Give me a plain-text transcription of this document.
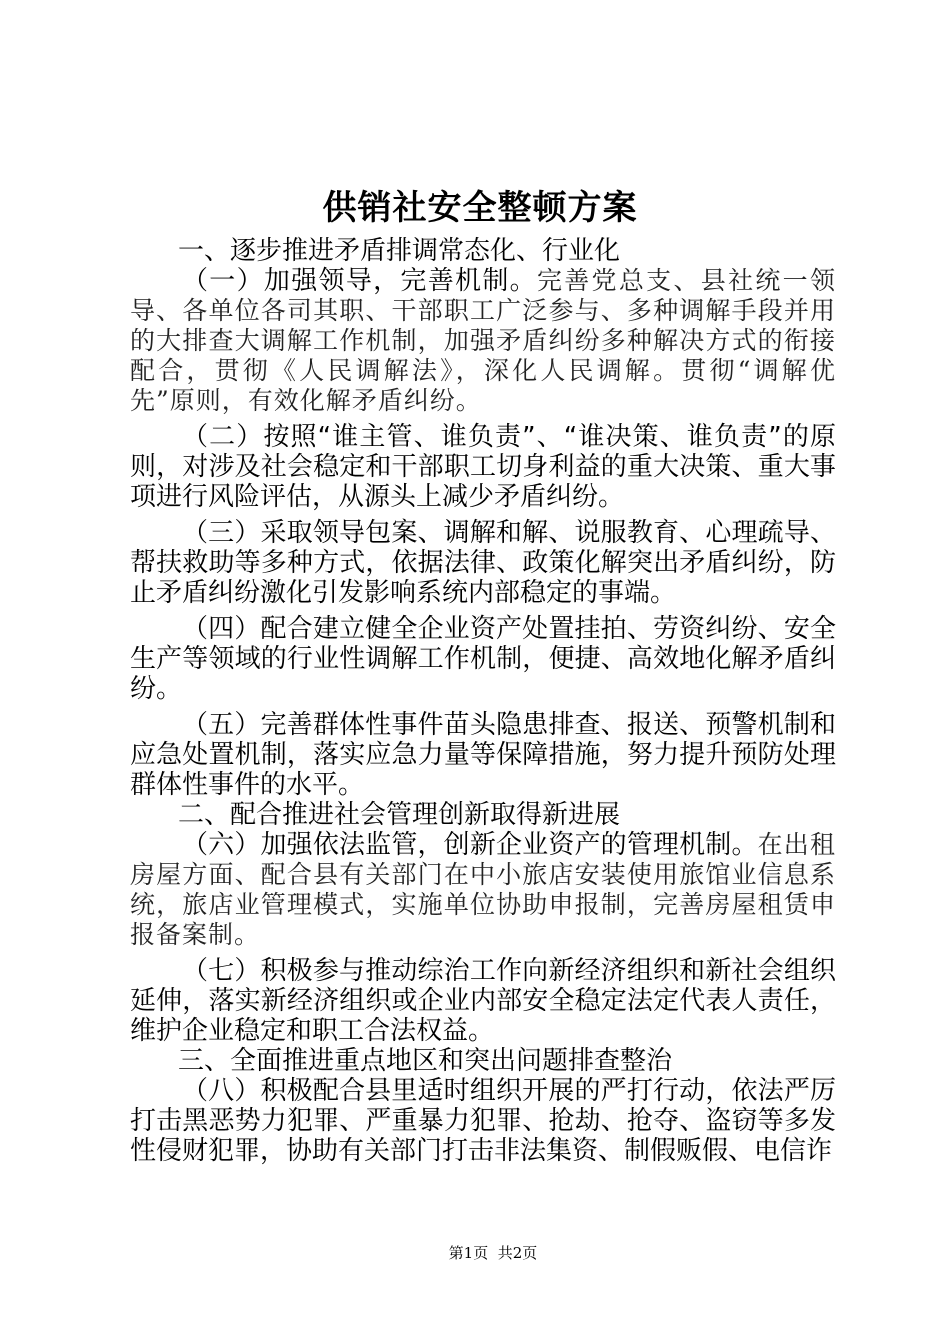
供销社安全整顿方案

一、逐步推进矛盾排调常态化、行业化

（一）加强领导，完善机制。完善党总支、县社统一领导、各单位各司其职、干部职工广泛参与、多种调解手段并用的大排查大调解工作机制，加强矛盾纠纷多种解决方式的衔接配合，贯彻《人民调解法》，深化人民调解。贯彻“调解优先”原则，有效化解矛盾纠纷。

（二）按照“谁主管、谁负责”、“谁决策、谁负责”的原则，对涉及社会稳定和干部职工切身利益的重大决策、重大事项进行风险评估，从源头上减少矛盾纠纷。

（三）采取领导包案、调解和解、说服教育、心理疏导、帮扶救助等多种方式，依据法律、政策化解突出矛盾纠纷，防止矛盾纠纷激化引发影响系统内部稳定的事端。

（四）配合建立健全企业资产处置挂拍、劳资纠纷、安全生产等领域的行业性调解工作机制，便捷、高效地化解矛盾纠纷。

（五）完善群体性事件苗头隐患排查、报送、预警机制和应急处置机制，落实应急力量等保障措施，努力提升预防处理群体性事件的水平。

二、配合推进社会管理创新取得新进展

（六）加强依法监管，创新企业资产的管理机制。在出租房屋方面、配合县有关部门在中小旅店安装使用旅馆业信息系统，旅店业管理模式，实施单位协助申报制，完善房屋租赁申报备案制。

（七）积极参与推动综治工作向新经济组织和新社会组织延伸，落实新经济组织或企业内部安全稳定法定代表人责任，维护企业稳定和职工合法权益。

三、全面推进重点地区和突出问题排查整治

（八）积极配合县里适时组织开展的严打行动，依法严厉打击黑恶势力犯罪、严重暴力犯罪、抢劫、抢夺、盗窃等多发性侵财犯罪，协助有关部门打击非法集资、制假贩假、电信诈

第1页 共2页
